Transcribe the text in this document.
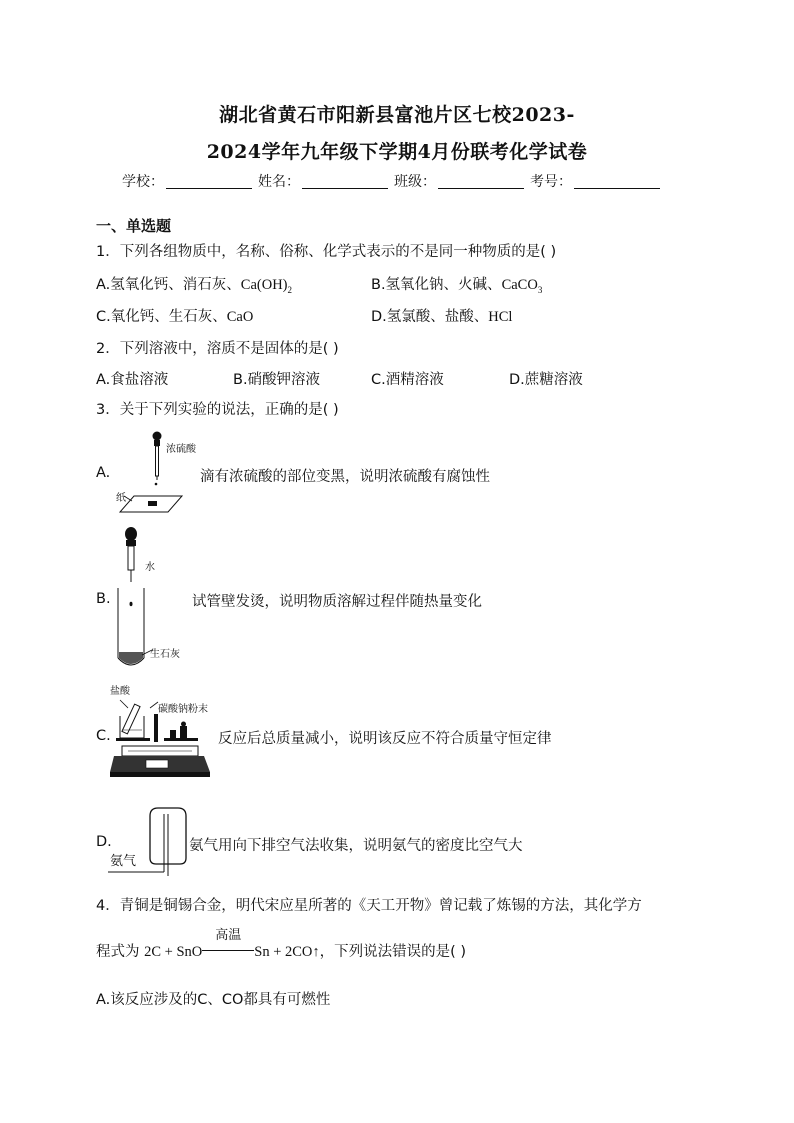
湖北省黄石市阳新县富池片区七校2023-
2024学年九年级下学期4月份联考化学试卷
学校：	姓名：	班级：	考号：
一、单选题
1．下列各组物质中，名称、俗称、化学式表示的不是同一种物质的是( )
A.氢氧化钙、消石灰、$Ca(OH)_2$	B.氢氧化钠、火碱、CaCO$_3$
C.氧化钙、生石灰、CaO	D.氢氯酸、盐酸、HCl
2．下列溶液中，溶质不是固体的是( )
A.食盐溶液	B.硝酸钾溶液	C.酒精溶液	D.蔗糖溶液
3．关于下列实验的说法，正确的是( )
A.
浓硫酸
纸
滴有浓硫酸的部位变黑，说明浓硫酸有腐蚀性
B.
水
生石灰
试管壁发烫，说明物质溶解过程伴随热量变化
C.
盐酸
碳酸钠粉末
反应后总质量减小，说明该反应不符合质量守恒定律
D.
氨气
氨气用向下排空气法收集，说明氨气的密度比空气大
4．青铜是铜锡合金，明代宋应星所著的《天工开物》曾记载了炼锡的方法，其化学方
程式为 2C + SnO
高温
Sn + 2CO↑，下列说法错误的是( )
A.该反应涉及的C、CO都具有可燃性
